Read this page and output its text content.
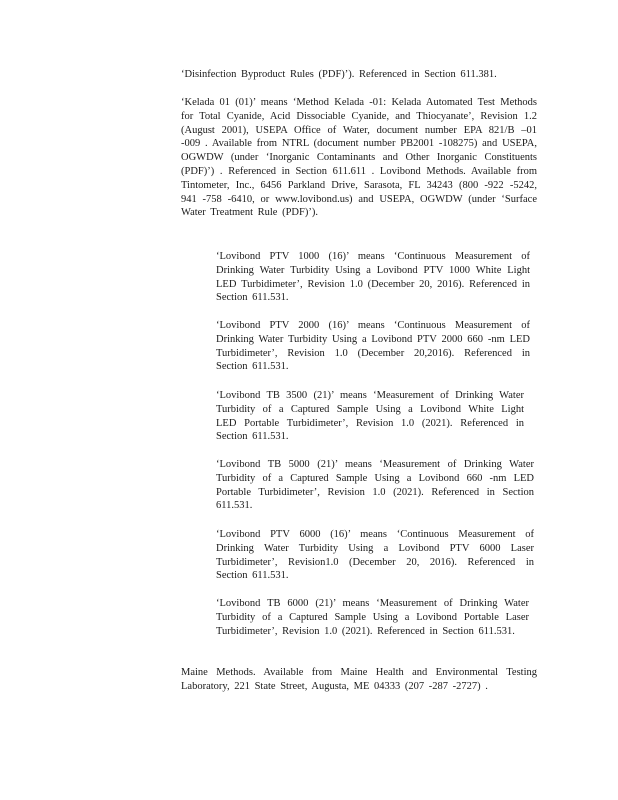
‘Disinfection Byproduct Rules (PDF)’). Referenced in Section 611.381.

‘Kelada 01 (01)’ means ‘Method Kelada -01: Kelada Automated Test Methods for Total Cyanide, Acid Dissociable Cyanide, and Thiocyanate’, Revision 1.2 (August 2001), USEPA Office of Water, document number EPA 821/B –01 -009 . Available from NTRL (document number PB2001 -108275) and USEPA, OGWDW (under ‘Inorganic Contaminants and Other Inorganic Constituents (PDF)’) . Referenced in Section 611.611 . Lovibond Methods. Available from Tintometer, Inc., 6456 Parkland Drive, Sarasota, FL 34243 (800 -922 -5242, 941 -758 -6410, or www.lovibond.us) and USEPA, OGWDW (under ‘Surface Water Treatment Rule (PDF)’).

‘Lovibond PTV 1000 (16)’ means ‘Continuous Measurement of Drinking Water Turbidity Using a Lovibond PTV 1000 White Light LED Turbidimeter’, Revision 1.0 (December 20, 2016). Referenced in Section 611.531.

‘Lovibond PTV 2000 (16)’ means ‘Continuous Measurement of Drinking Water Turbidity Using a Lovibond PTV 2000 660 -nm LED Turbidimeter’, Revision 1.0 (December 20,2016). Referenced in Section 611.531.

‘Lovibond TB 3500 (21)’ means ‘Measurement of Drinking Water Turbidity of a Captured Sample Using a Lovibond White Light LED Portable Turbidimeter’, Revision 1.0 (2021). Referenced in Section 611.531.

‘Lovibond TB 5000 (21)’ means ‘Measurement of Drinking Water Turbidity of a Captured Sample Using a Lovibond 660 -nm LED Portable Turbidimeter’, Revision 1.0 (2021). Referenced in Section 611.531.

‘Lovibond PTV 6000 (16)’ means ‘Continuous Measurement of Drinking Water Turbidity Using a Lovibond PTV 6000 Laser Turbidimeter’, Revision1.0 (December 20, 2016). Referenced in Section 611.531.

‘Lovibond TB 6000 (21)’ means ‘Measurement of Drinking Water Turbidity of a Captured Sample Using a Lovibond Portable Laser Turbidimeter’, Revision 1.0 (2021). Referenced in Section 611.531.

Maine Methods. Available from Maine Health and Environmental Testing Laboratory, 221 State Street, Augusta, ME 04333 (207 -287 -2727) .
